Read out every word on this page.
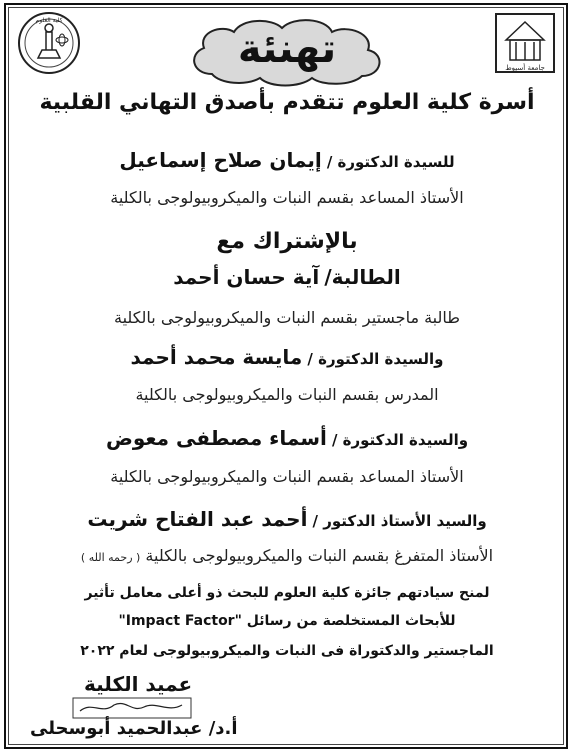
كلية العلوم
جامعة أسيوط
تهنئة
أسرة كلية العلوم تتقدم بأصدق التهاني القلبية
للسيدة الدكتورة / إيمان صلاح إسماعيل
الأستاذ المساعد بقسم النبات والميكروبيولوجى بالكلية
بالإشتراك مع
الطالبة/ آية حسان أحمد
طالبة ماجستير بقسم النبات والميكروبيولوجى بالكلية
والسيدة الدكتورة / مايسة محمد أحمد
المدرس بقسم النبات والميكروبيولوجى بالكلية
والسيدة الدكتورة / أسماء مصطفى معوض
الأستاذ المساعد بقسم النبات والميكروبيولوجى بالكلية
والسيد الأستاذ الدكتور / أحمد عبد الفتاح شريت
الأستاذ المتفرغ بقسم النبات والميكروبيولوجى بالكلية ( رحمه الله )
لمنح سيادتهم جائزة كلية العلوم للبحث ذو أعلى معامل تأثير
للأبحاث المستخلصة من رسائل "Impact Factor"
الماجستير والدكتوراة فى النبات والميكروبيولوجى لعام ٢٠٢٢
عميد الكلية
أ.د/ عبدالحميد أبوسحلى
